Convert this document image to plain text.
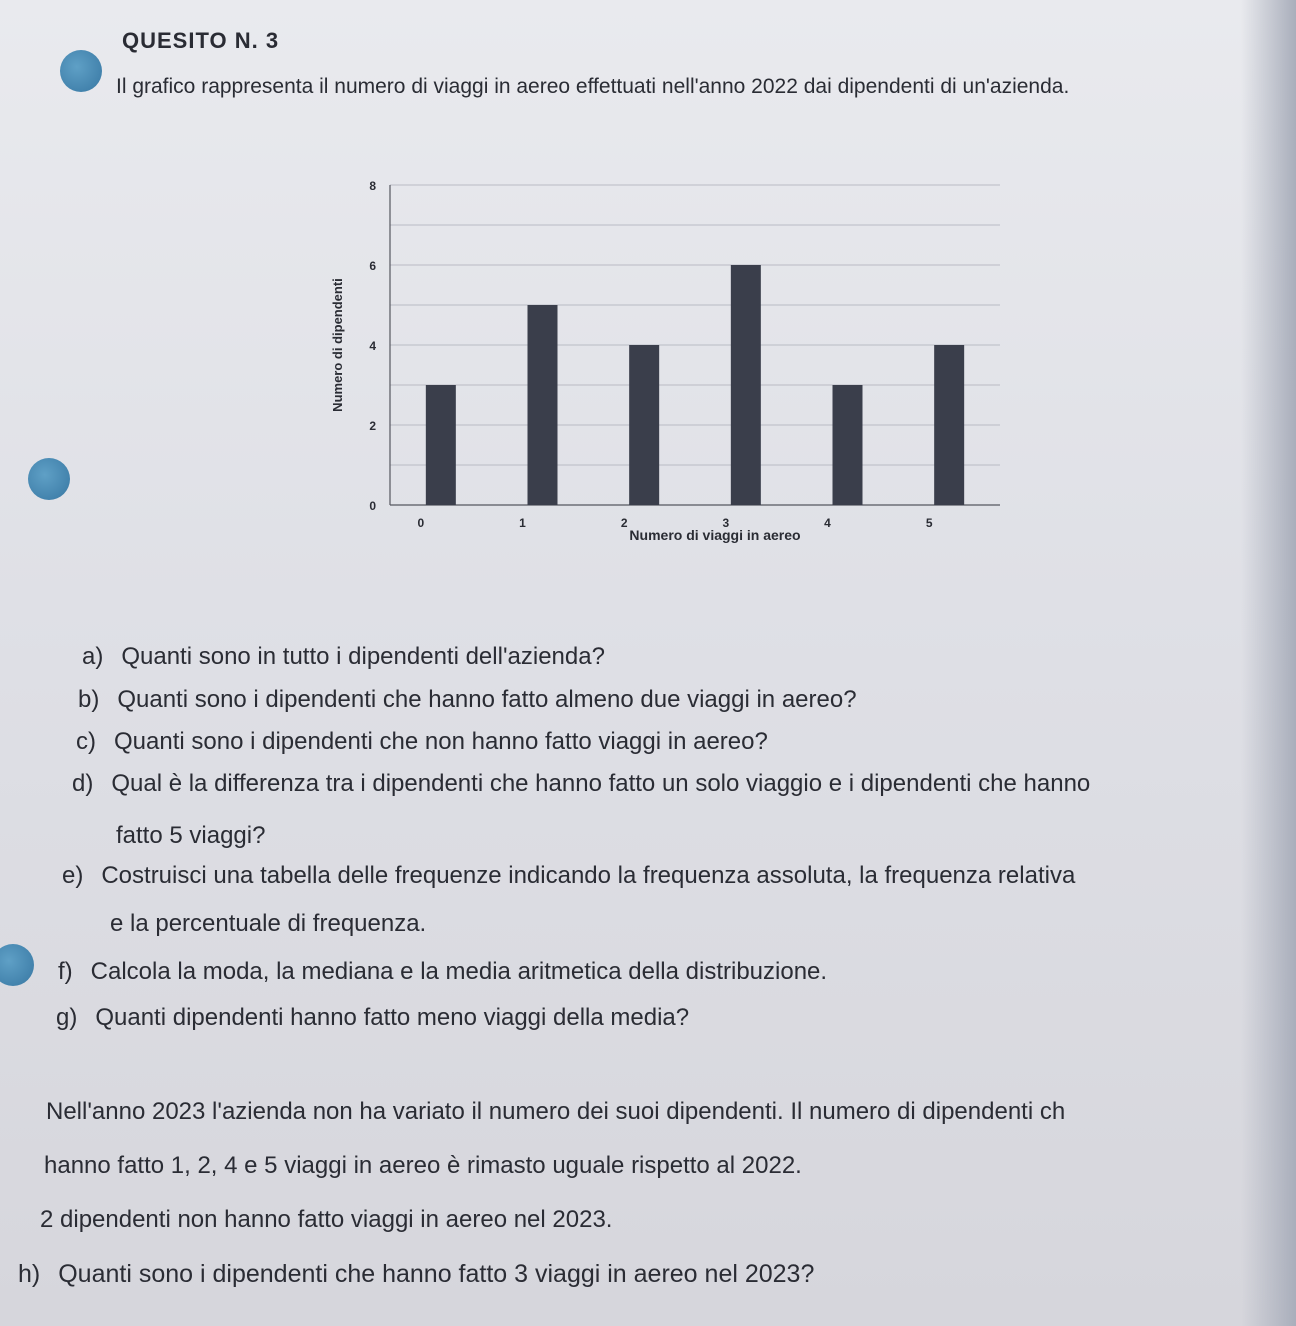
QUESITO N. 3
Il grafico rappresenta il numero di viaggi in aereo effettuati nell'anno 2022 dai dipendenti di un'azienda.
0
2
4
6
8
0	1	2	3	4	5
Numero di viaggi in aereo
Numero di dipendenti
a) Quanti sono in tutto i dipendenti dell'azienda?
b) Quanti sono i dipendenti che hanno fatto almeno due viaggi in aereo?
c) Quanti sono i dipendenti che non hanno fatto viaggi in aereo?
d) Qual è la differenza tra i dipendenti che hanno fatto un solo viaggio e i dipendenti che hanno
fatto 5 viaggi?
e) Costruisci una tabella delle frequenze indicando la frequenza assoluta, la frequenza relativa
e la percentuale di frequenza.
f) Calcola la moda, la mediana e la media aritmetica della distribuzione.
g) Quanti dipendenti hanno fatto meno viaggi della media?
Nell'anno 2023 l'azienda non ha variato il numero dei suoi dipendenti. Il numero di dipendenti ch
hanno fatto 1, 2, 4 e 5 viaggi in aereo è rimasto uguale rispetto al 2022.
2 dipendenti non hanno fatto viaggi in aereo nel 2023.
h) Quanti sono i dipendenti che hanno fatto 3 viaggi in aereo nel 2023?
